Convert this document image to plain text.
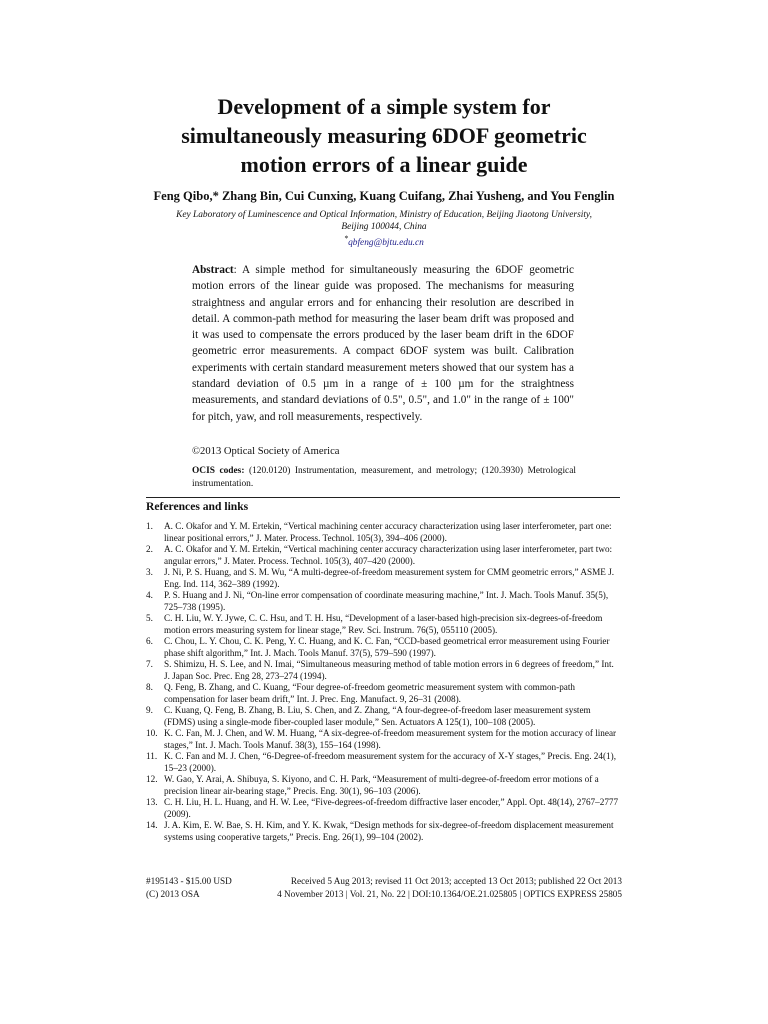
Development of a simple system for
simultaneously measuring 6DOF geometric
motion errors of a linear guide

Feng Qibo,* Zhang Bin, Cui Cunxing, Kuang Cuifang, Zhai Yusheng, and You Fenglin

Key Laboratory of Luminescence and Optical Information, Ministry of Education, Beijing Jiaotong University,
Beijing 100044, China
*qbfeng@bjtu.edu.cn

Abstract: A simple method for simultaneously measuring the 6DOF geometric motion errors of the linear guide was proposed. The mechanisms for measuring straightness and angular errors and for enhancing their resolution are described in detail. A common-path method for measuring the laser beam drift was proposed and it was used to compensate the errors produced by the laser beam drift in the 6DOF geometric error measurements. A compact 6DOF system was built. Calibration experiments with certain standard measurement meters showed that our system has a standard deviation of 0.5 µm in a range of ± 100 µm for the straightness measurements, and standard deviations of 0.5", 0.5", and 1.0" in the range of ± 100" for pitch, yaw, and roll measurements, respectively.

©2013 Optical Society of America
OCIS codes: (120.0120) Instrumentation, measurement, and metrology; (120.3930) Metrological instrumentation.
References and links
1.	A. C. Okafor and Y. M. Ertekin, “Vertical machining center accuracy characterization using laser interferometer, part one: linear positional errors,” J. Mater. Process. Technol. 105(3), 394–406 (2000).
2.	A. C. Okafor and Y. M. Ertekin, “Vertical machining center accuracy characterization using laser interferometer, part two: angular errors,” J. Mater. Process. Technol. 105(3), 407–420 (2000).
3.	J. Ni, P. S. Huang, and S. M. Wu, “A multi-degree-of-freedom measurement system for CMM geometric errors,” ASME J. Eng. Ind. 114, 362–389 (1992).
4.	P. S. Huang and J. Ni, “On-line error compensation of coordinate measuring machine,” Int. J. Mach. Tools Manuf. 35(5), 725–738 (1995).
5.	C. H. Liu, W. Y. Jywe, C. C. Hsu, and T. H. Hsu, “Development of a laser-based high-precision six-degrees-of-freedom motion errors measuring system for linear stage,” Rev. Sci. Instrum. 76(5), 055110 (2005).
6.	C. Chou, L. Y. Chou, C. K. Peng, Y. C. Huang, and K. C. Fan, “CCD-based geometrical error measurement using Fourier phase shift algorithm,” Int. J. Mach. Tools Manuf. 37(5), 579–590 (1997).
7.	S. Shimizu, H. S. Lee, and N. Imai, “Simultaneous measuring method of table motion errors in 6 degrees of freedom,” Int. J. Japan Soc. Prec. Eng 28, 273–274 (1994).
8.	Q. Feng, B. Zhang, and C. Kuang, “Four degree-of-freedom geometric measurement system with common-path compensation for laser beam drift,” Int. J. Prec. Eng. Manufact. 9, 26–31 (2008).
9.	C. Kuang, Q. Feng, B. Zhang, B. Liu, S. Chen, and Z. Zhang, “A four-degree-of-freedom laser measurement system (FDMS) using a single-mode fiber-coupled laser module,” Sen. Actuators A 125(1), 100–108 (2005).
10. K. C. Fan, M. J. Chen, and W. M. Huang, “A six-degree-of-freedom measurement system for the motion accuracy of linear stages,” Int. J. Mach. Tools Manuf. 38(3), 155–164 (1998).
11. K. C. Fan and M. J. Chen, “6-Degree-of-freedom measurement system for the accuracy of X-Y stages,” Precis. Eng. 24(1), 15–23 (2000).
12. W. Gao, Y. Arai, A. Shibuya, S. Kiyono, and C. H. Park, “Measurement of multi-degree-of-freedom error motions of a precision linear air-bearing stage,” Precis. Eng. 30(1), 96–103 (2006).
13. C. H. Liu, H. L. Huang, and H. W. Lee, “Five-degrees-of-freedom diffractive laser encoder,” Appl. Opt. 48(14), 2767–2777 (2009).
14. J. A. Kim, E. W. Bae, S. H. Kim, and Y. K. Kwak, “Design methods for six-degree-of-freedom displacement measurement systems using cooperative targets,” Precis. Eng. 26(1), 99–104 (2002).
#195143 - $15.00 USD	Received 5 Aug 2013; revised 11 Oct 2013; accepted 13 Oct 2013; published 22 Oct 2013
(C) 2013 OSA	4 November 2013 | Vol. 21, No. 22 | DOI:10.1364/OE.21.025805 | OPTICS EXPRESS 25805
